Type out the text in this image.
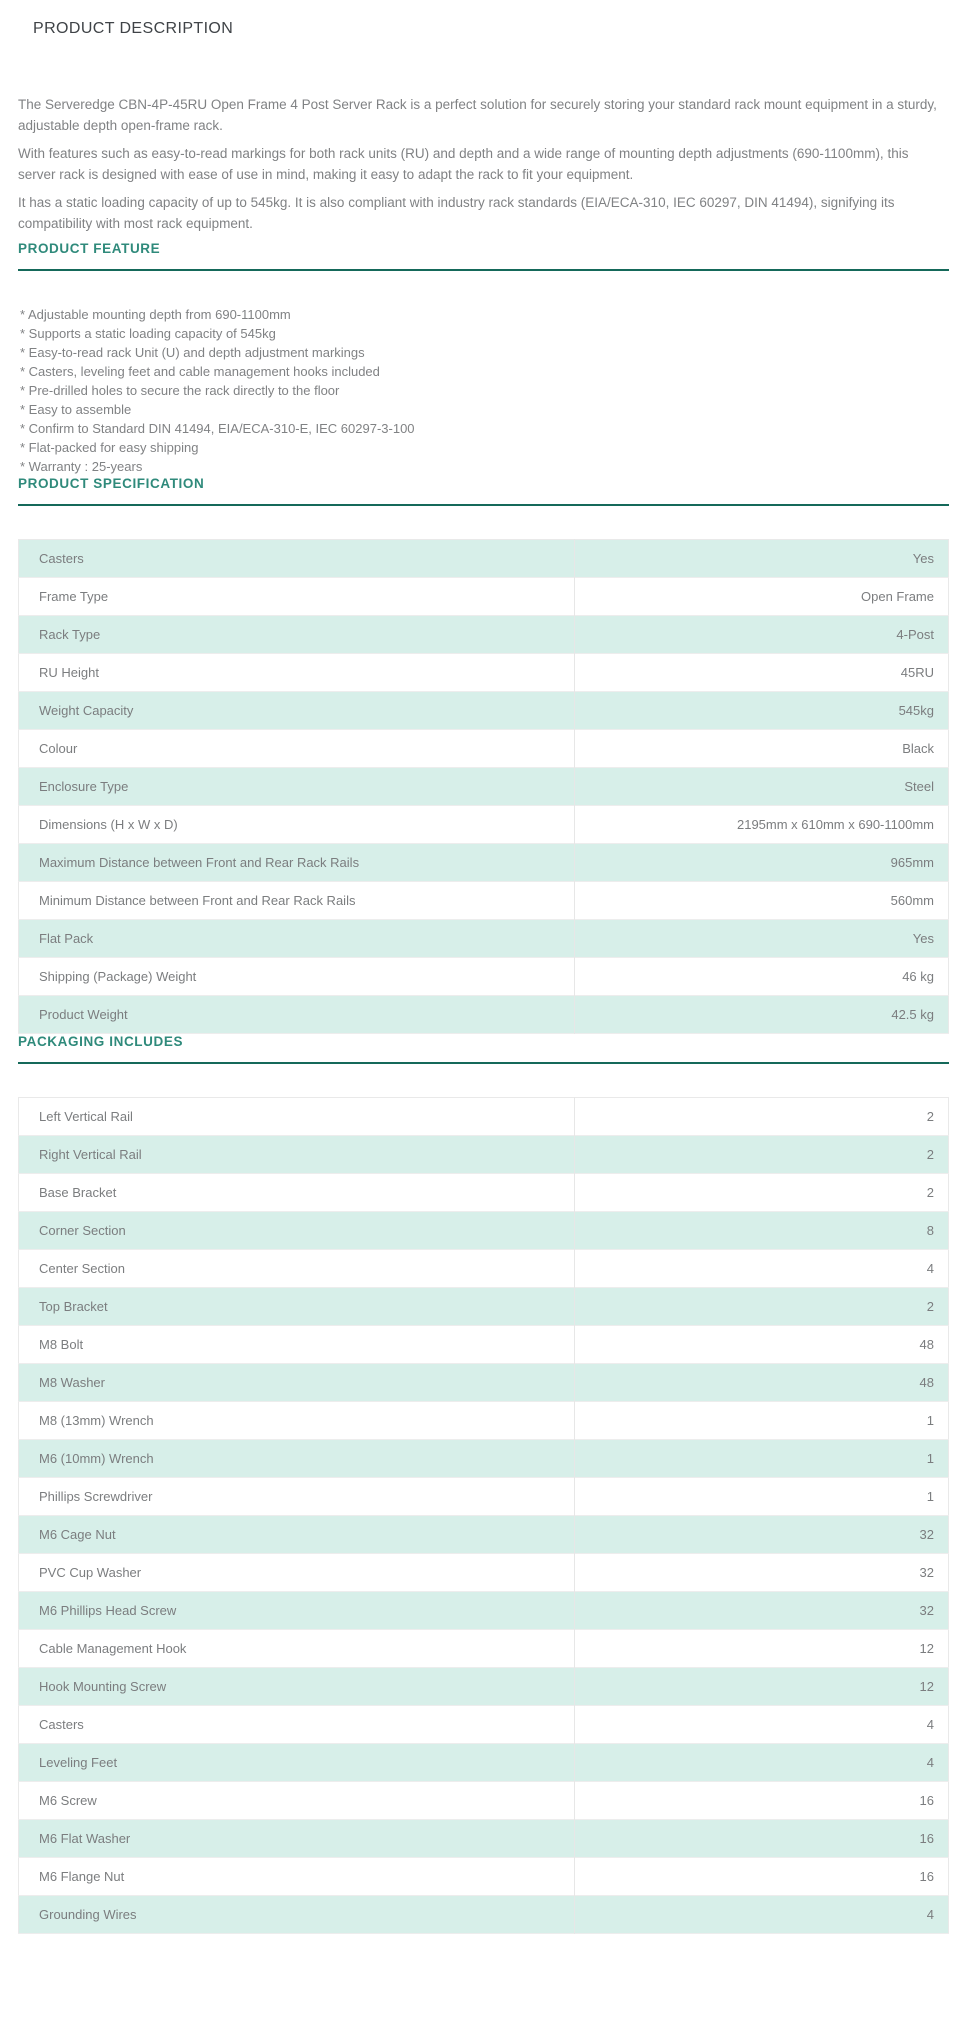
PRODUCT DESCRIPTION

The Serveredge CBN-4P-45RU Open Frame 4 Post Server Rack is a perfect solution for securely storing your standard rack mount equipment in a sturdy, adjustable depth open-frame rack.

With features such as easy-to-read markings for both rack units (RU) and depth and a wide range of mounting depth adjustments (690-1100mm), this server rack is designed with ease of use in mind, making it easy to adapt the rack to fit your equipment.

It has a static loading capacity of up to 545kg. It is also compliant with industry rack standards (EIA/ECA-310, IEC 60297, DIN 41494), signifying its compatibility with most rack equipment.

PRODUCT FEATURE
* Adjustable mounting depth from 690-1100mm
* Supports a static loading capacity of 545kg
* Easy-to-read rack Unit (U) and depth adjustment markings
* Casters, leveling feet and cable management hooks included
* Pre-drilled holes to secure the rack directly to the floor
* Easy to assemble
* Confirm to Standard DIN 41494, EIA/ECA-310-E, IEC 60297-3-100
* Flat-packed for easy shipping
* Warranty : 25-years
PRODUCT SPECIFICATION
Casters	Yes
Frame Type	Open Frame
Rack Type	4-Post
RU Height	45RU
Weight Capacity	545kg
Colour	Black
Enclosure Type	Steel
Dimensions (H x W x D)	2195mm x 610mm x 690-1100mm
Maximum Distance between Front and Rear Rack Rails	965mm
Minimum Distance between Front and Rear Rack Rails	560mm
Flat Pack	Yes
Shipping (Package) Weight	46 kg
Product Weight	42.5 kg
PACKAGING INCLUDES
Left Vertical Rail	2
Right Vertical Rail	2
Base Bracket	2
Corner Section	8
Center Section	4
Top Bracket	2
M8 Bolt	48
M8 Washer	48
M8 (13mm) Wrench	1
M6 (10mm) Wrench	1
Phillips Screwdriver	1
M6 Cage Nut	32
PVC Cup Washer	32
M6 Phillips Head Screw	32
Cable Management Hook	12
Hook Mounting Screw	12
Casters	4
Leveling Feet	4
M6 Screw	16
M6 Flat Washer	16
M6 Flange Nut	16
Grounding Wires	4
